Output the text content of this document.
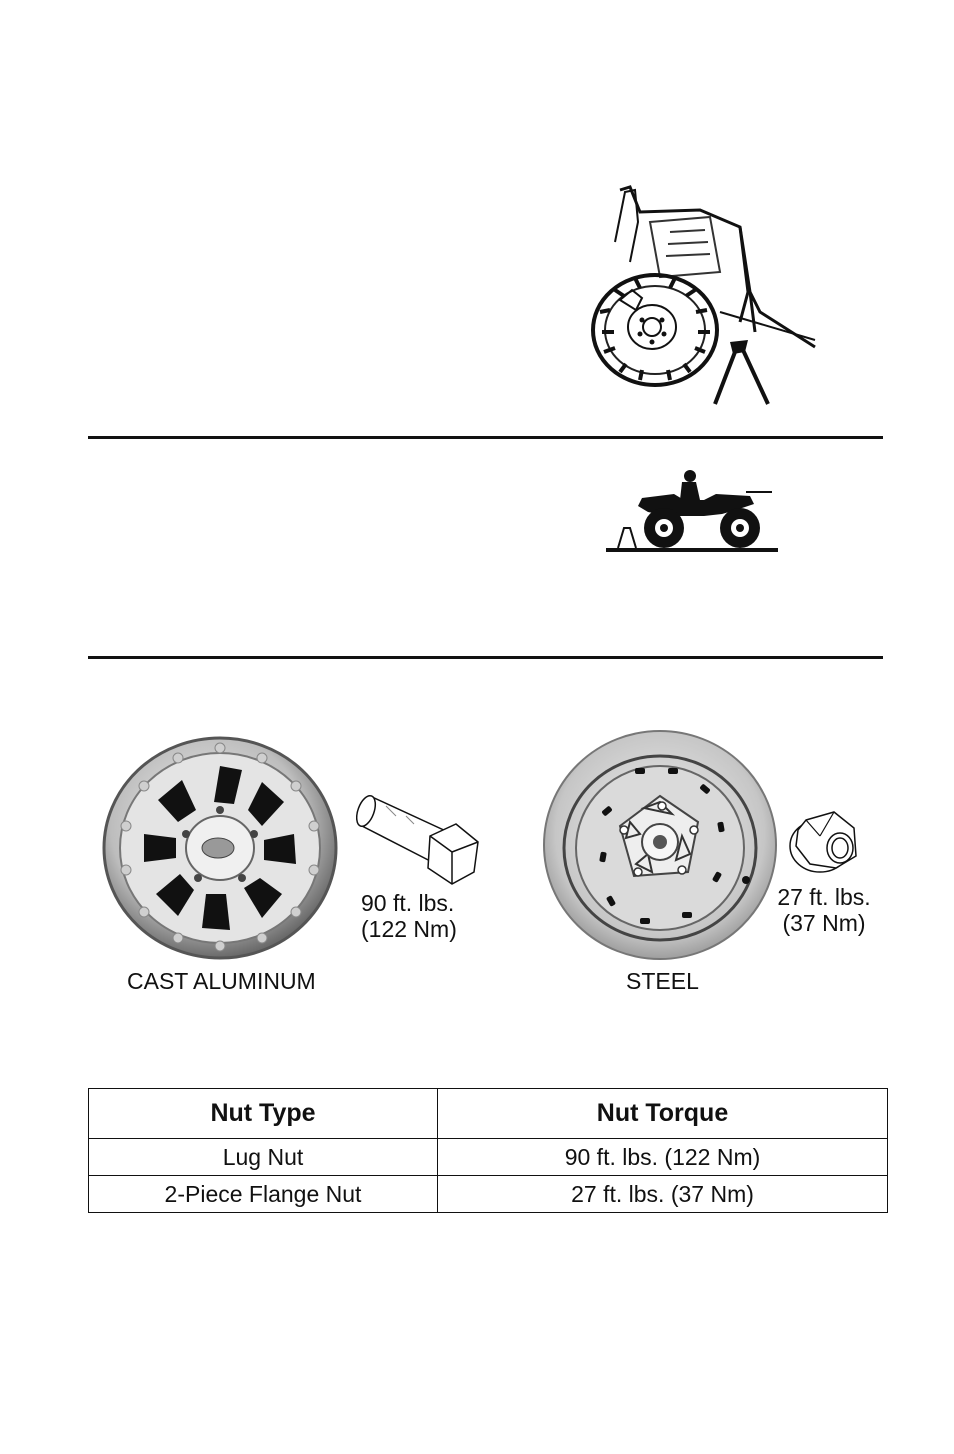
90 ft. lbs.
(122 Nm)
CAST ALUMINUM
27 ft. lbs.
(37 Nm)
STEEL
Nut Type	Nut Torque
Lug Nut	90 ft. lbs. (122 Nm)
2-Piece Flange Nut	27 ft. lbs. (37 Nm)
